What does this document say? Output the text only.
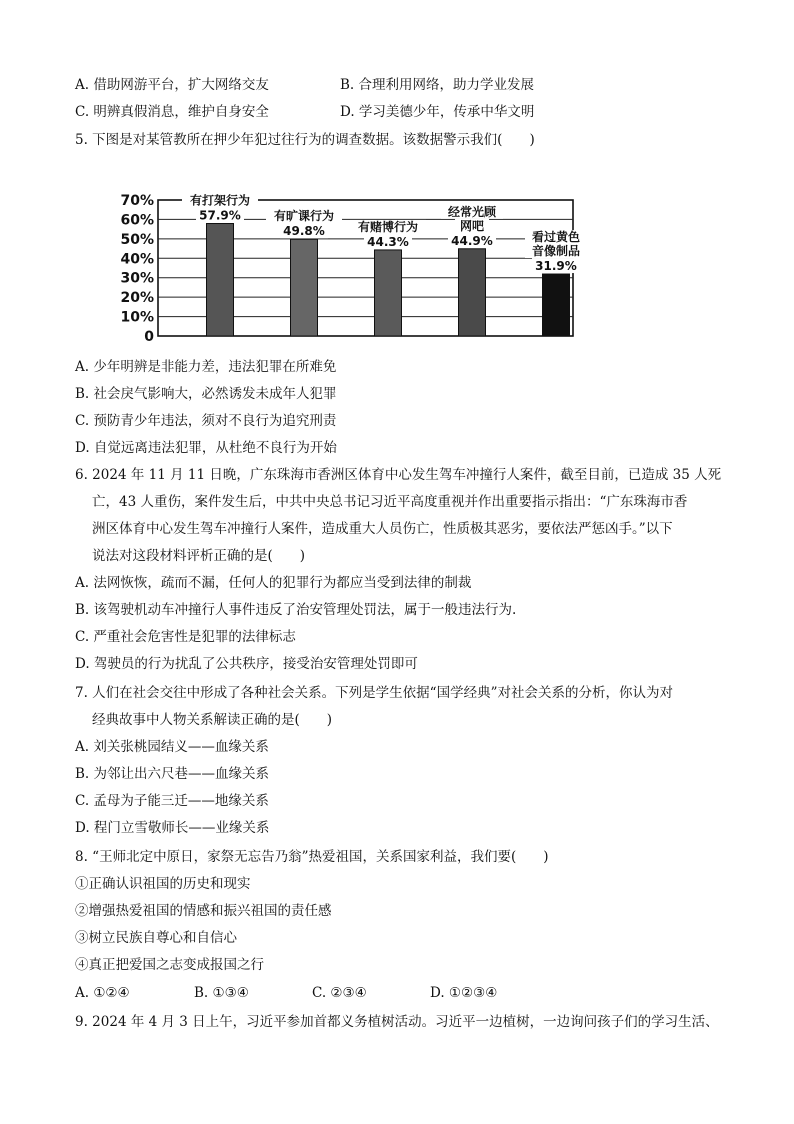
A. 借助网游平台，扩大网络交友	B. 合理利用网络，助力学业发展
C. 明辨真假消息，维护自身安全	D. 学习美德少年，传承中华文明
5. 下图是对某管教所在押少年犯过往行为的调查数据。该数据警示我们(　　)
0
10%
20%
30%
40%
50%
60%
70%
57.9%
有打架行为
49.8%
有旷课行为
44.3%
有赌博行为
44.9%
经常光顾
网吧
31.9%
看过黄色
音像制品
A. 少年明辨是非能力差，违法犯罪在所难免
B. 社会戾气影响大，必然诱发未成年人犯罪
C. 预防青少年违法，须对不良行为追究刑责
D. 自觉远离违法犯罪，从杜绝不良行为开始
6. 2024 年 11 月 11 日晚，广东珠海市香洲区体育中心发生驾车冲撞行人案件，截至目前，已造成 35 人死
亡，43 人重伤，案件发生后，中共中央总书记习近平高度重视并作出重要指示指出：“广东珠海市香
洲区体育中心发生驾车冲撞行人案件，造成重大人员伤亡，性质极其恶劣，要依法严惩凶手。”以下
说法对这段材料评析正确的是(　　)
A. 法网恢恢，疏而不漏，任何人的犯罪行为都应当受到法律的制裁
B. 该驾驶机动车冲撞行人事件违反了治安管理处罚法，属于一般违法行为.
C. 严重社会危害性是犯罪的法律标志
D. 驾驶员的行为扰乱了公共秩序，接受治安管理处罚即可
7. 人们在社会交往中形成了各种社会关系。下列是学生依据“国学经典”对社会关系的分析，你认为对
经典故事中人物关系解读正确的是(　　)
A. 刘关张桃园结义——血缘关系
B. 为邻让出六尺巷——血缘关系
C. 孟母为子能三迁——地缘关系
D. 程门立雪敬师长——业缘关系
8. “王师北定中原日，家祭无忘告乃翁”热爱祖国，关系国家利益，我们要(　　)
①正确认识祖国的历史和现实
②增强热爱祖国的情感和振兴祖国的责任感
③树立民族自尊心和自信心
④真正把爱国之志变成报国之行
A. ①②④	B. ①③④	C. ②③④	D. ①②③④
9. 2024 年 4 月 3 日上午，习近平参加首都义务植树活动。习近平一边植树，一边询问孩子们的学习生活、
